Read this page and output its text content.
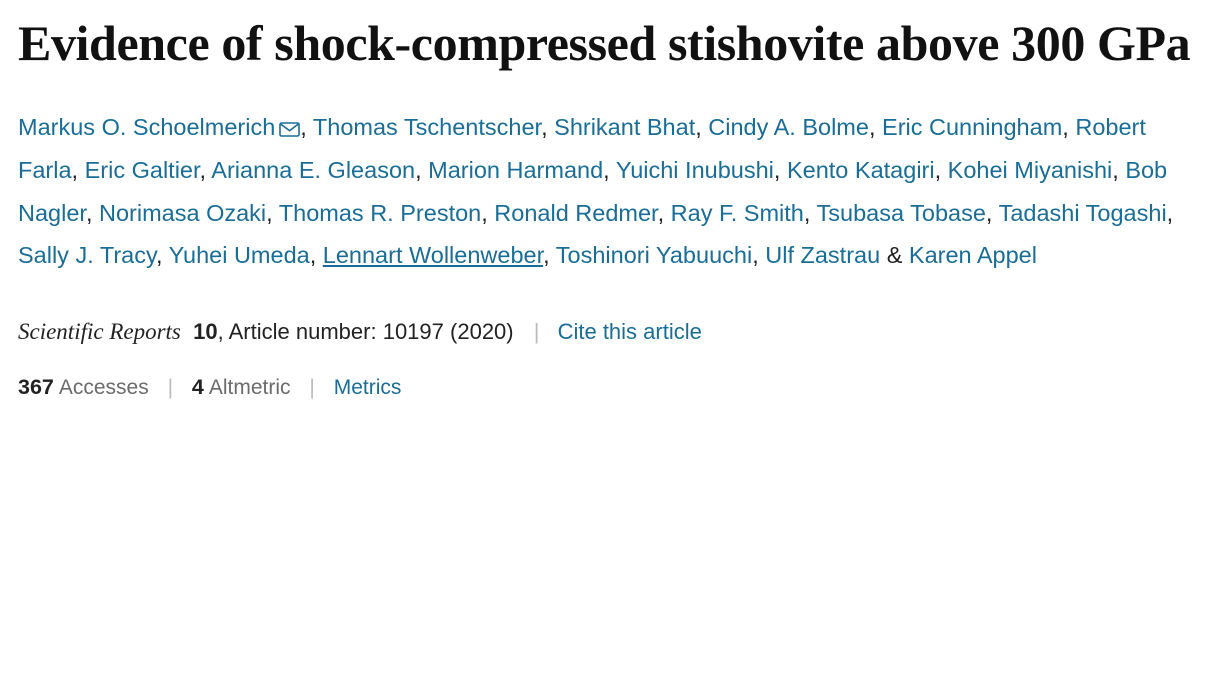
Evidence of shock-compressed stishovite above 300 GPa
Markus O. Schoelmerich , Thomas Tschentscher, Shrikant Bhat, Cindy A. Bolme, Eric Cunningham, Robert Farla, Eric Galtier, Arianna E. Gleason, Marion Harmand, Yuichi Inubushi, Kento Katagiri, Kohei Miyanishi, Bob Nagler, Norimasa Ozaki, Thomas R. Preston, Ronald Redmer, Ray F. Smith, Tsubasa Tobase, Tadashi Togashi, Sally J. Tracy, Yuhei Umeda, Lennart Wollenweber, Toshinori Yabuuchi, Ulf Zastrau & Karen Appel
Scientific Reports 10, Article number: 10197 (2020) | Cite this article
367 Accesses | 4 Altmetric | Metrics
